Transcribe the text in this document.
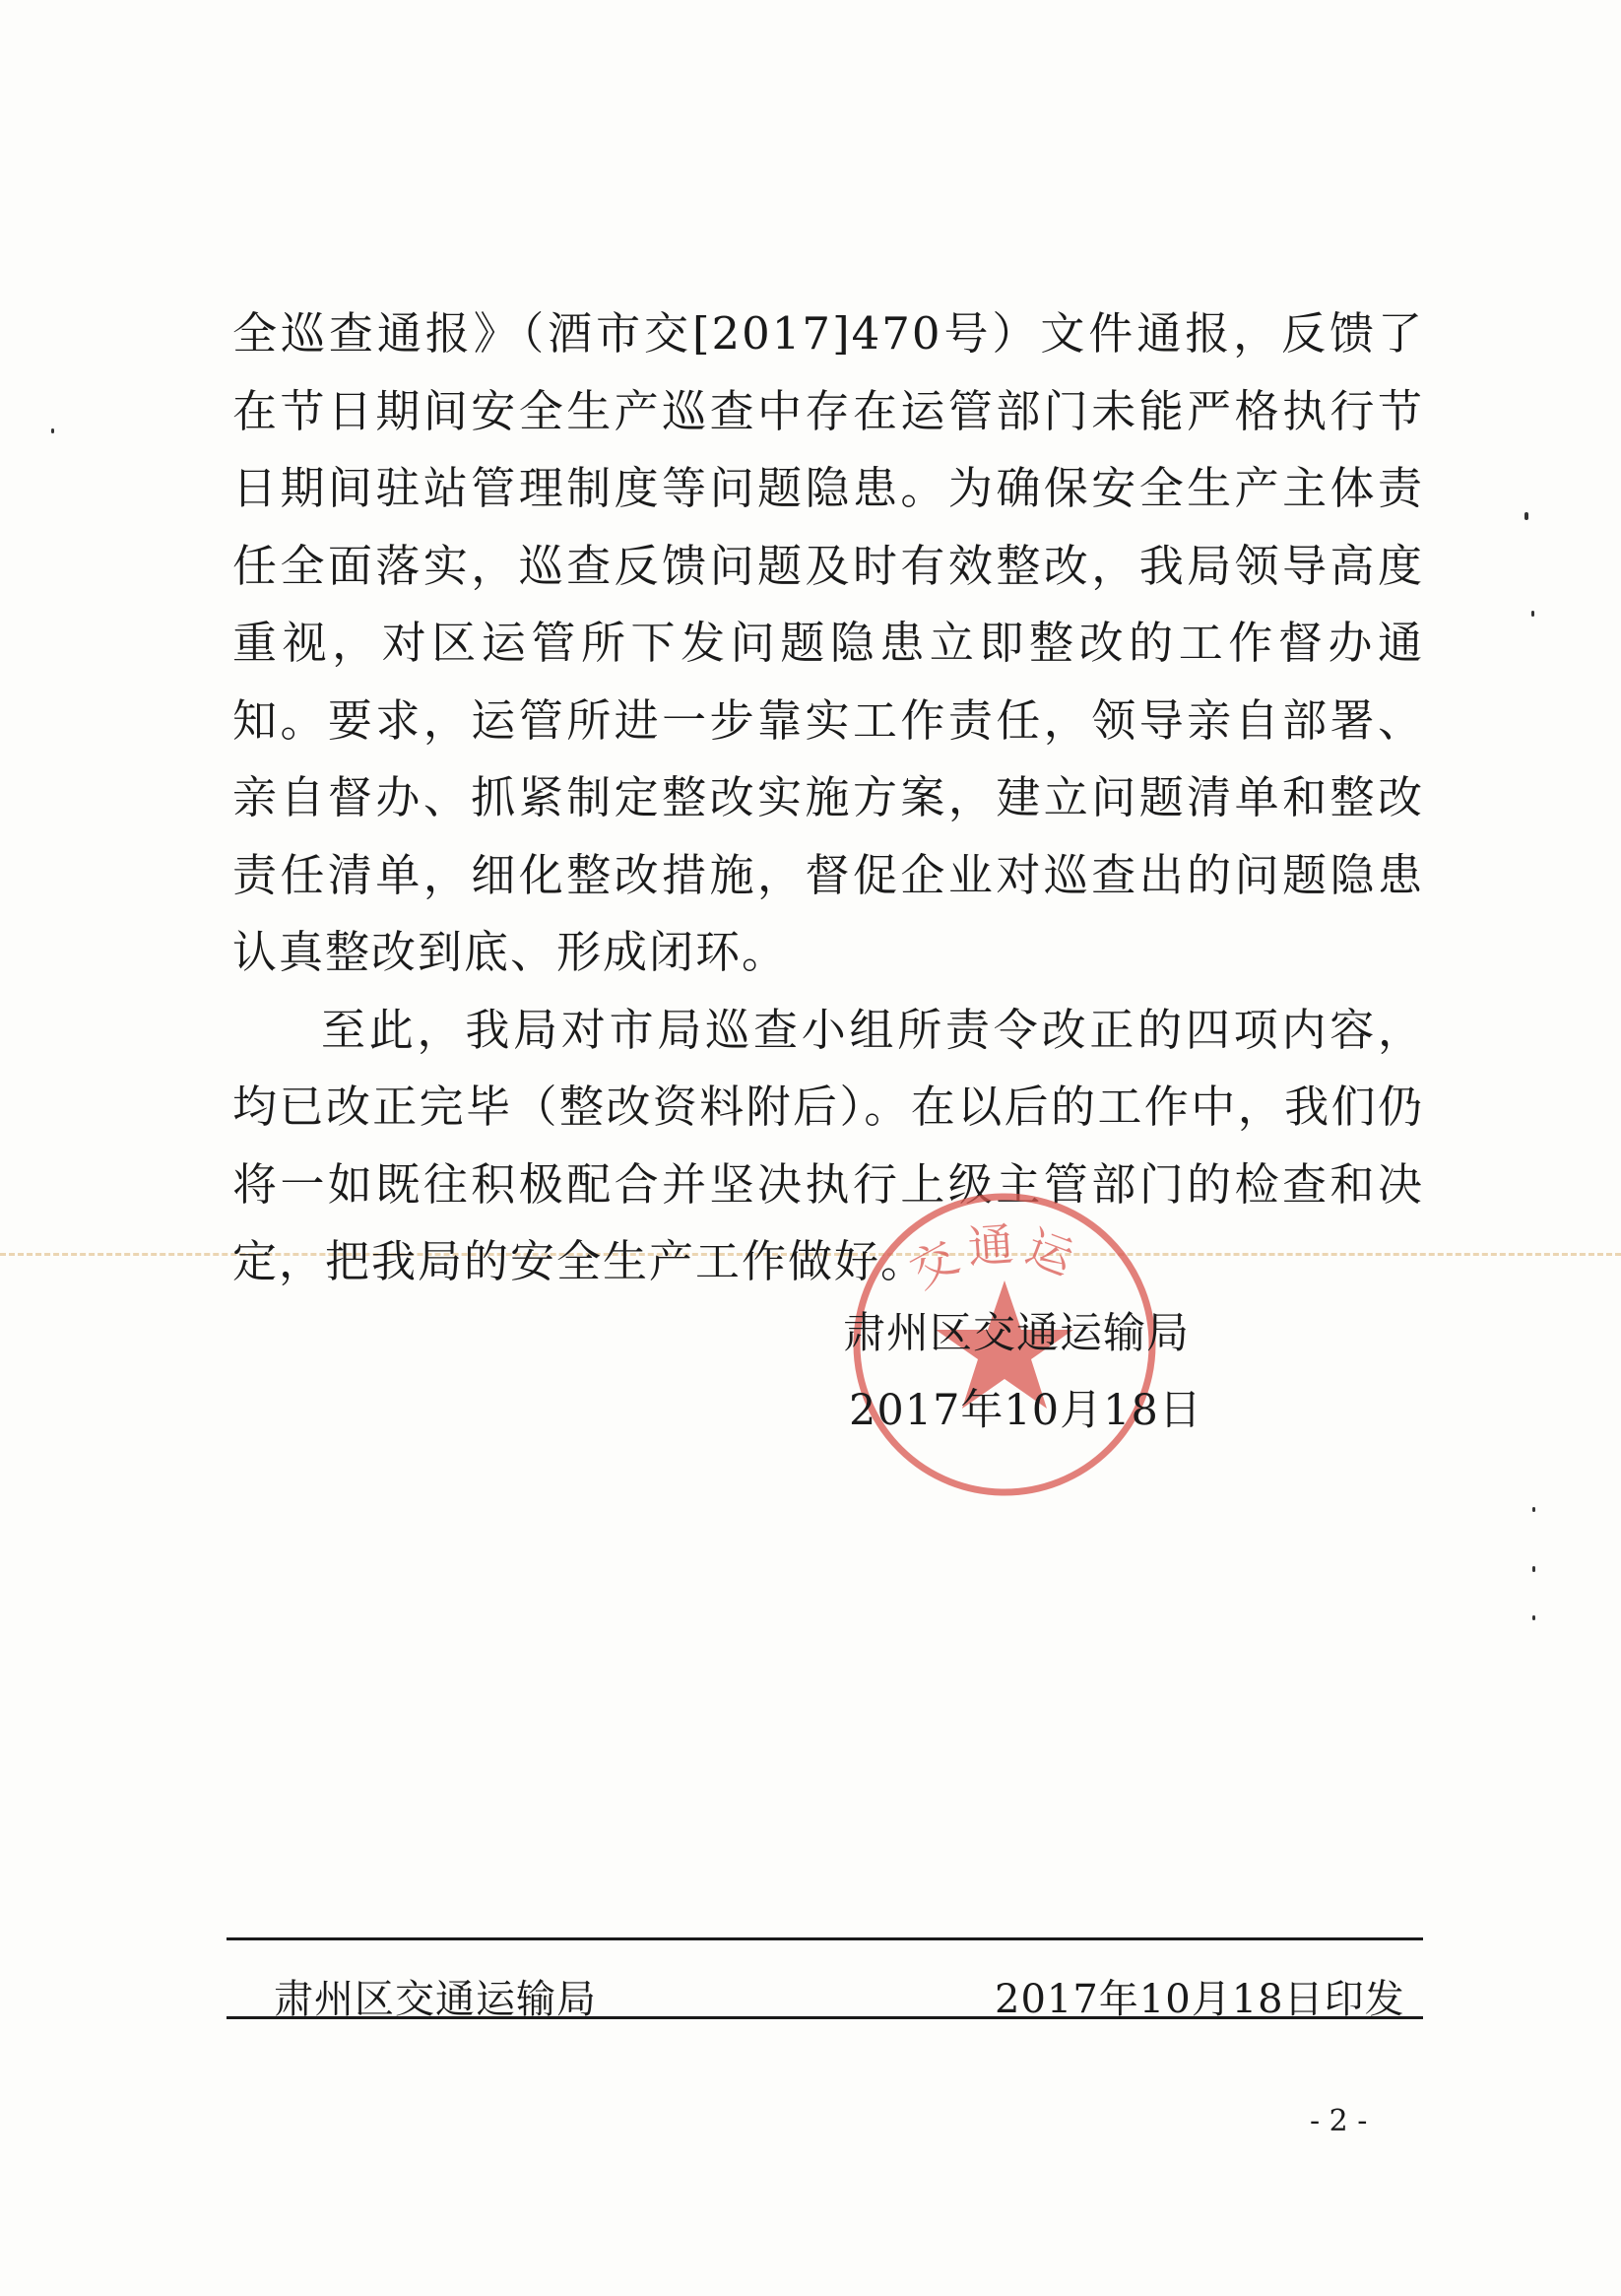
全巡查通报》（酒市交[2017]470号）文件通报，反馈了在节日期间安全生产巡查中存在运管部门未能严格执行节日期间驻站管理制度等问题隐患。为确保安全生产主体责任全面落实，巡查反馈问题及时有效整改，我局领导高度重视，对区运管所下发问题隐患立即整改的工作督办通知。要求，运管所进一步靠实工作责任，领导亲自部署、亲自督办、抓紧制定整改实施方案，建立问题清单和整改责任清单，细化整改措施，督促企业对巡查出的问题隐患认真整改到底、形成闭环。

至此，我局对市局巡查小组所责令改正的四项内容，均已改正完毕（整改资料附后）。在以后的工作中，我们仍将一如既往积极配合并坚决执行上级主管部门的检查和决定，把我局的安全生产工作做好。

交通运
肃州区交通运输局
2017年10月18日
肃州区交通运输局	2017年10月18日印发
- 2 -
